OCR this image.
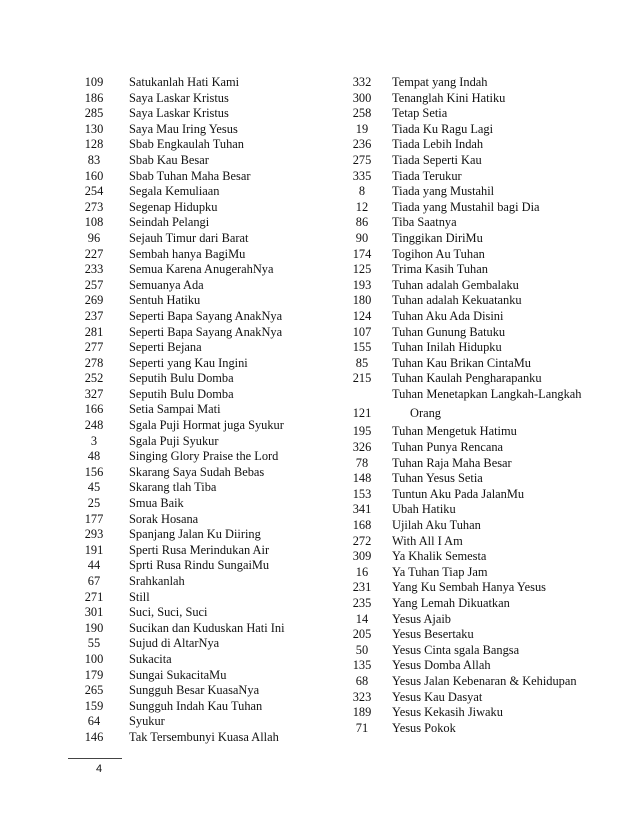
109	Satukanlah Hati Kami
186	Saya Laskar Kristus
285	Saya Laskar Kristus
130	Saya Mau Iring Yesus
128	Sbab Engkaulah Tuhan
83	Sbab Kau Besar
160	Sbab Tuhan Maha Besar
254	Segala Kemuliaan
273	Segenap Hidupku
108	Seindah Pelangi
96	Sejauh Timur dari Barat
227	Sembah hanya BagiMu
233	Semua Karena AnugerahNya
257	Semuanya Ada
269	Sentuh Hatiku
237	Seperti Bapa Sayang AnakNya
281	Seperti Bapa Sayang AnakNya
277	Seperti Bejana
278	Seperti yang Kau Ingini
252	Seputih Bulu Domba
327	Seputih Bulu Domba
166	Setia Sampai Mati
248	Sgala Puji Hormat juga Syukur
3	Sgala Puji Syukur
48	Singing Glory Praise the Lord
156	Skarang Saya Sudah Bebas
45	Skarang tlah Tiba
25	Smua Baik
177	Sorak Hosana
293	Spanjang Jalan Ku Diiring
191	Sperti Rusa Merindukan Air
44	Sprti Rusa Rindu SungaiMu
67	Srahkanlah
271	Still
301	Suci, Suci, Suci
190	Sucikan dan Kuduskan Hati Ini
55	Sujud di AltarNya
100	Sukacita
179	Sungai SukacitaMu
265	Sungguh Besar KuasaNya
159	Sungguh Indah Kau Tuhan
64	Syukur
146	Tak Tersembunyi Kuasa Allah
332	Tempat yang Indah
300	Tenanglah Kini Hatiku
258	Tetap Setia
19	Tiada Ku Ragu Lagi
236	Tiada Lebih Indah
275	Tiada Seperti Kau
335	Tiada Terukur
8	Tiada yang Mustahil
12	Tiada yang Mustahil bagi Dia
86	Tiba Saatnya
90	Tinggikan DiriMu
174	Togihon Au Tuhan
125	Trima Kasih Tuhan
193	Tuhan adalah Gembalaku
180	Tuhan adalah Kekuatanku
124	Tuhan Aku Ada Disini
107	Tuhan Gunung Batuku
155	Tuhan Inilah Hidupku
85	Tuhan Kau Brikan CintaMu
215	Tuhan Kaulah Pengharapanku
Tuhan Menetapkan Langkah-Langkah
121	Orang
195	Tuhan Mengetuk Hatimu
326	Tuhan Punya Rencana
78	Tuhan Raja Maha Besar
148	Tuhan Yesus Setia
153	Tuntun Aku Pada JalanMu
341	Ubah Hatiku
168	Ujilah Aku Tuhan
272	With All I Am
309	Ya Khalik Semesta
16	Ya Tuhan Tiap Jam
231	Yang Ku Sembah Hanya Yesus
235	Yang Lemah Dikuatkan
14	Yesus Ajaib
205	Yesus Besertaku
50	Yesus Cinta sgala Bangsa
135	Yesus Domba Allah
68	Yesus Jalan Kebenaran & Kehidupan
323	Yesus Kau Dasyat
189	Yesus Kekasih Jiwaku
71	Yesus Pokok
4
